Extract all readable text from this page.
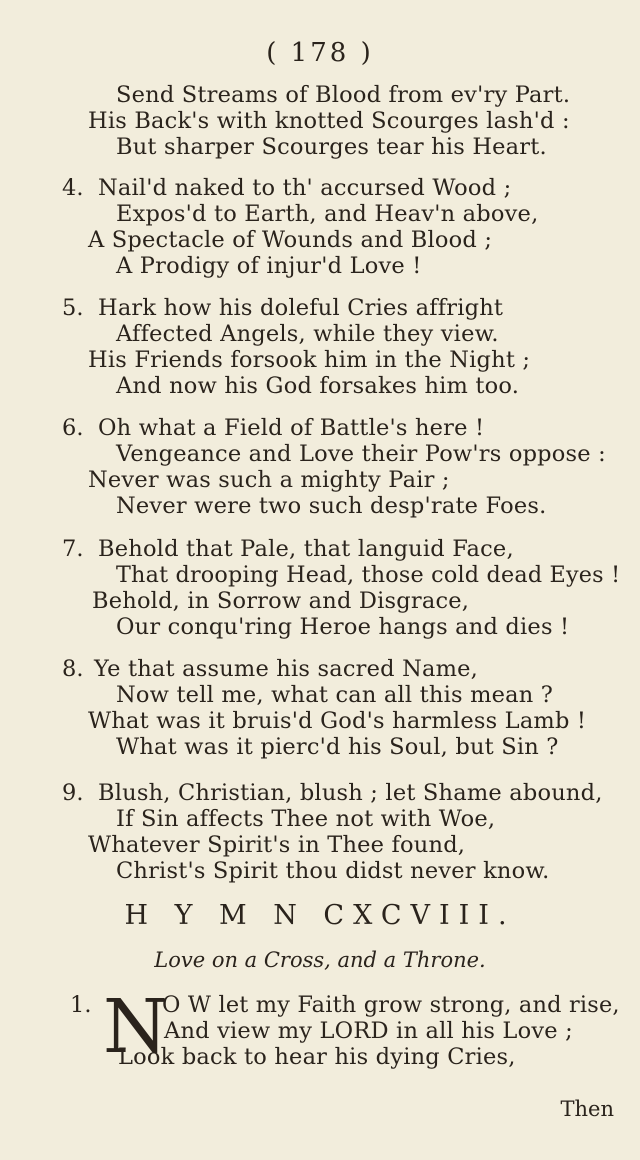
( 178 )
Send Streams of Blood from ev'ry Part.
His Back's with knotted Scourges lash'd :
But sharper Scourges tear his Heart.
4. Nail'd naked to th' accursed Wood ;
Expos'd to Earth, and Heav'n above,
A Spectacle of Wounds and Blood ;
A Prodigy of injur'd Love !
5. Hark how his doleful Cries affright
Affected Angels, while they view.
His Friends forsook him in the Night ;
And now his God forsakes him too.
6. Oh what a Field of Battle's here !
Vengeance and Love their Pow'rs oppose :
Never was such a mighty Pair ;
Never were two such desp'rate Foes.
7. Behold that Pale, that languid Face,
That drooping Head, those cold dead Eyes !
Behold, in Sorrow and Disgrace,
Our conqu'ring Heroe hangs and dies !
8. Ye that assume his sacred Name,
Now tell me, what can all this mean ?
What was it bruis'd God's harmless Lamb !
What was it pierc'd his Soul, but Sin ?
9. Blush, Christian, blush ; let Shame abound,
If Sin affects Thee not with Woe,
Whatever Spirit's in Thee found,
Christ's Spirit thou didst never know.
H Y M N CXCVIII.
Love on a Cross, and a Throne.
1. N
O W let my Faith grow strong, and rise,
And view my LORD in all his Love ;
Look back to hear his dying Cries,
Then
